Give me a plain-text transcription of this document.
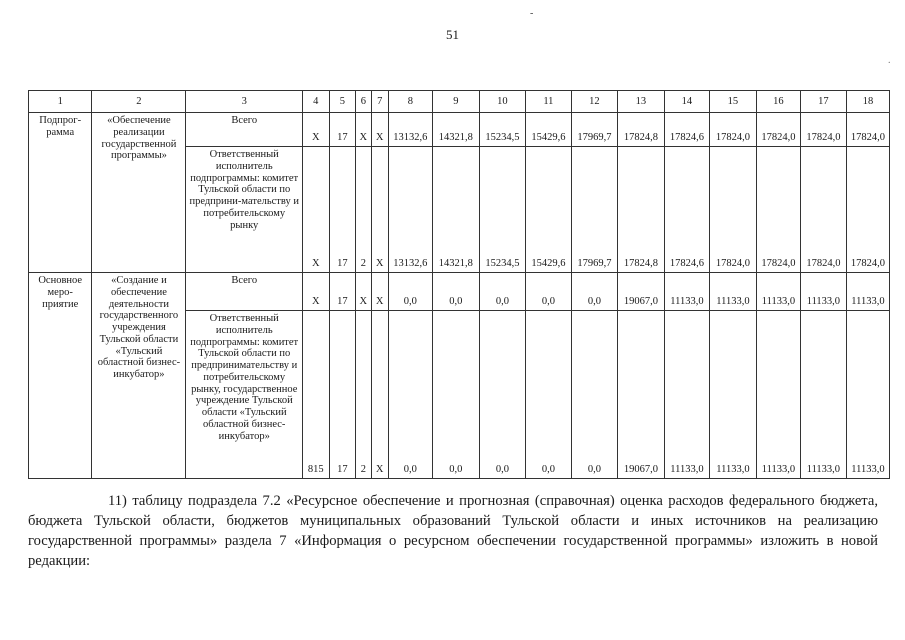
-
51
.
1	2	3	4	5	6	7	8	9	10	11	12	13	14	15	16	17	18
Подпрог-раммa	«Обеспечение реализации государственной программы»	Всего	X	17	X	X	13132,6	14321,8	15234,5	15429,6	17969,7	17824,8	17824,6	17824,0	17824,0	17824,0	17824,0
		Ответственный исполнитель подпрограммы: комитет Тульской области по предприни-мательству и потребительскому рынку	X	17	2	X	13132,6	14321,8	15234,5	15429,6	17969,7	17824,8	17824,6	17824,0	17824,0	17824,0	17824,0
Основное меро-приятие	«Создание и обеспечение деятельности государственного учреждения Тульской области «Тульский областной бизнес-инкубатор»	Всего	X	17	X	X	0,0	0,0	0,0	0,0	0,0	19067,0	11133,0	11133,0	11133,0	11133,0	11133,0
		Ответственный исполнитель подпрограммы: комитет Тульской области по предпринимательству и потребительскому рынку, государственное учреждение Тульской области «Тульский областной бизнес-инкубатор»	815	17	2	X	0,0	0,0	0,0	0,0	0,0	19067,0	11133,0	11133,0	11133,0	11133,0	11133,0

11) таблицу подраздела 7.2 «Ресурсное обеспечение и прогнозная (справочная) оценка расходов федерального бюджета, бюджета Тульской области, бюджетов муниципальных образований Тульской области и иных источников на реализацию государственной программы» раздела 7 «Информация о ресурсном обеспечении государственной программы» изложить в новой редакции:
